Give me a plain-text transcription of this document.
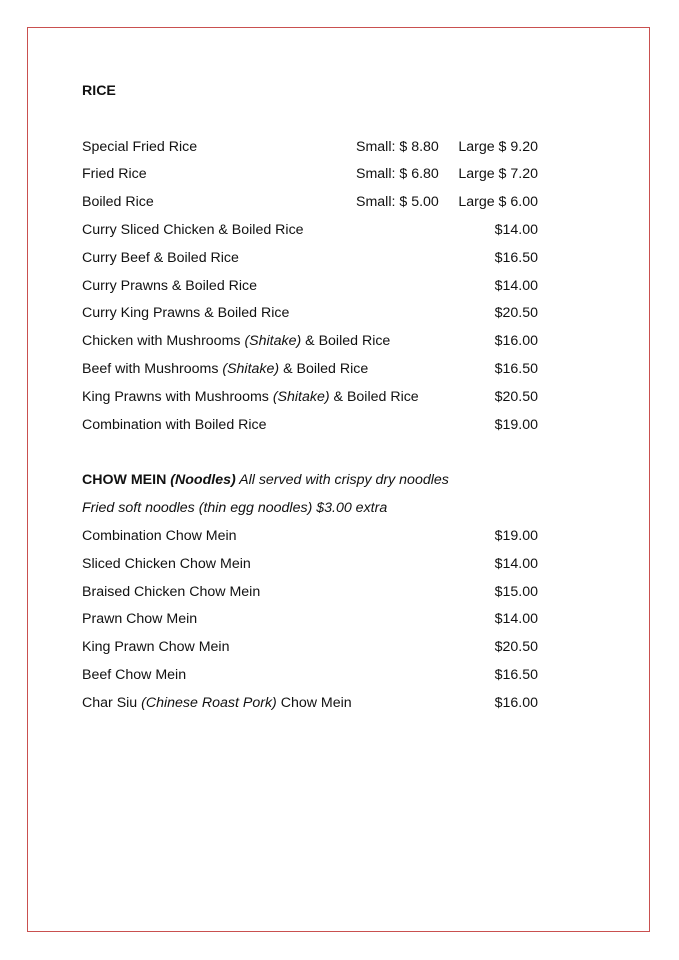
RICE
Special Fried Rice	Small: $ 8.80 Large $ 9.20
Fried Rice	Small: $ 6.80 Large $ 7.20
Boiled Rice	Small: $ 5.00 Large $ 6.00
Curry Sliced Chicken & Boiled Rice	$14.00
Curry Beef & Boiled Rice	$16.50
Curry Prawns & Boiled Rice	$14.00
Curry King Prawns & Boiled Rice	$20.50
Chicken with Mushrooms (Shitake) & Boiled Rice	$16.00
Beef with Mushrooms (Shitake) & Boiled Rice	$16.50
King Prawns with Mushrooms (Shitake) & Boiled Rice	$20.50
Combination with Boiled Rice	$19.00
CHOW MEIN (Noodles) All served with crispy dry noodles
Fried soft noodles (thin egg noodles) $3.00 extra
Combination Chow Mein	$19.00
Sliced Chicken Chow Mein	$14.00
Braised Chicken Chow Mein	$15.00
Prawn Chow Mein	$14.00
King Prawn Chow Mein	$20.50
Beef Chow Mein	$16.50
Char Siu (Chinese Roast Pork) Chow Mein	$16.00
